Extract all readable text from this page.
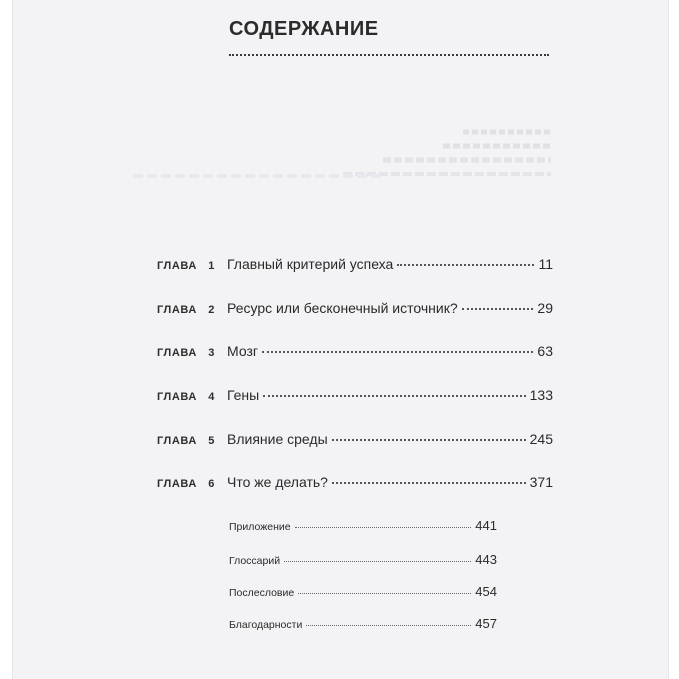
СОДЕРЖАНИЕ
ГЛАВА 1 Главный критерий успеха	11
ГЛАВА 2 Ресурс или бесконечный источник?	29
ГЛАВА 3 Мозг	63
ГЛАВА 4 Гены	133
ГЛАВА 5 Влияние среды	245
ГЛАВА 6 Что же делать?	371
Приложение	441
Глоссарий	443
Послесловие	454
Благодарности	457
